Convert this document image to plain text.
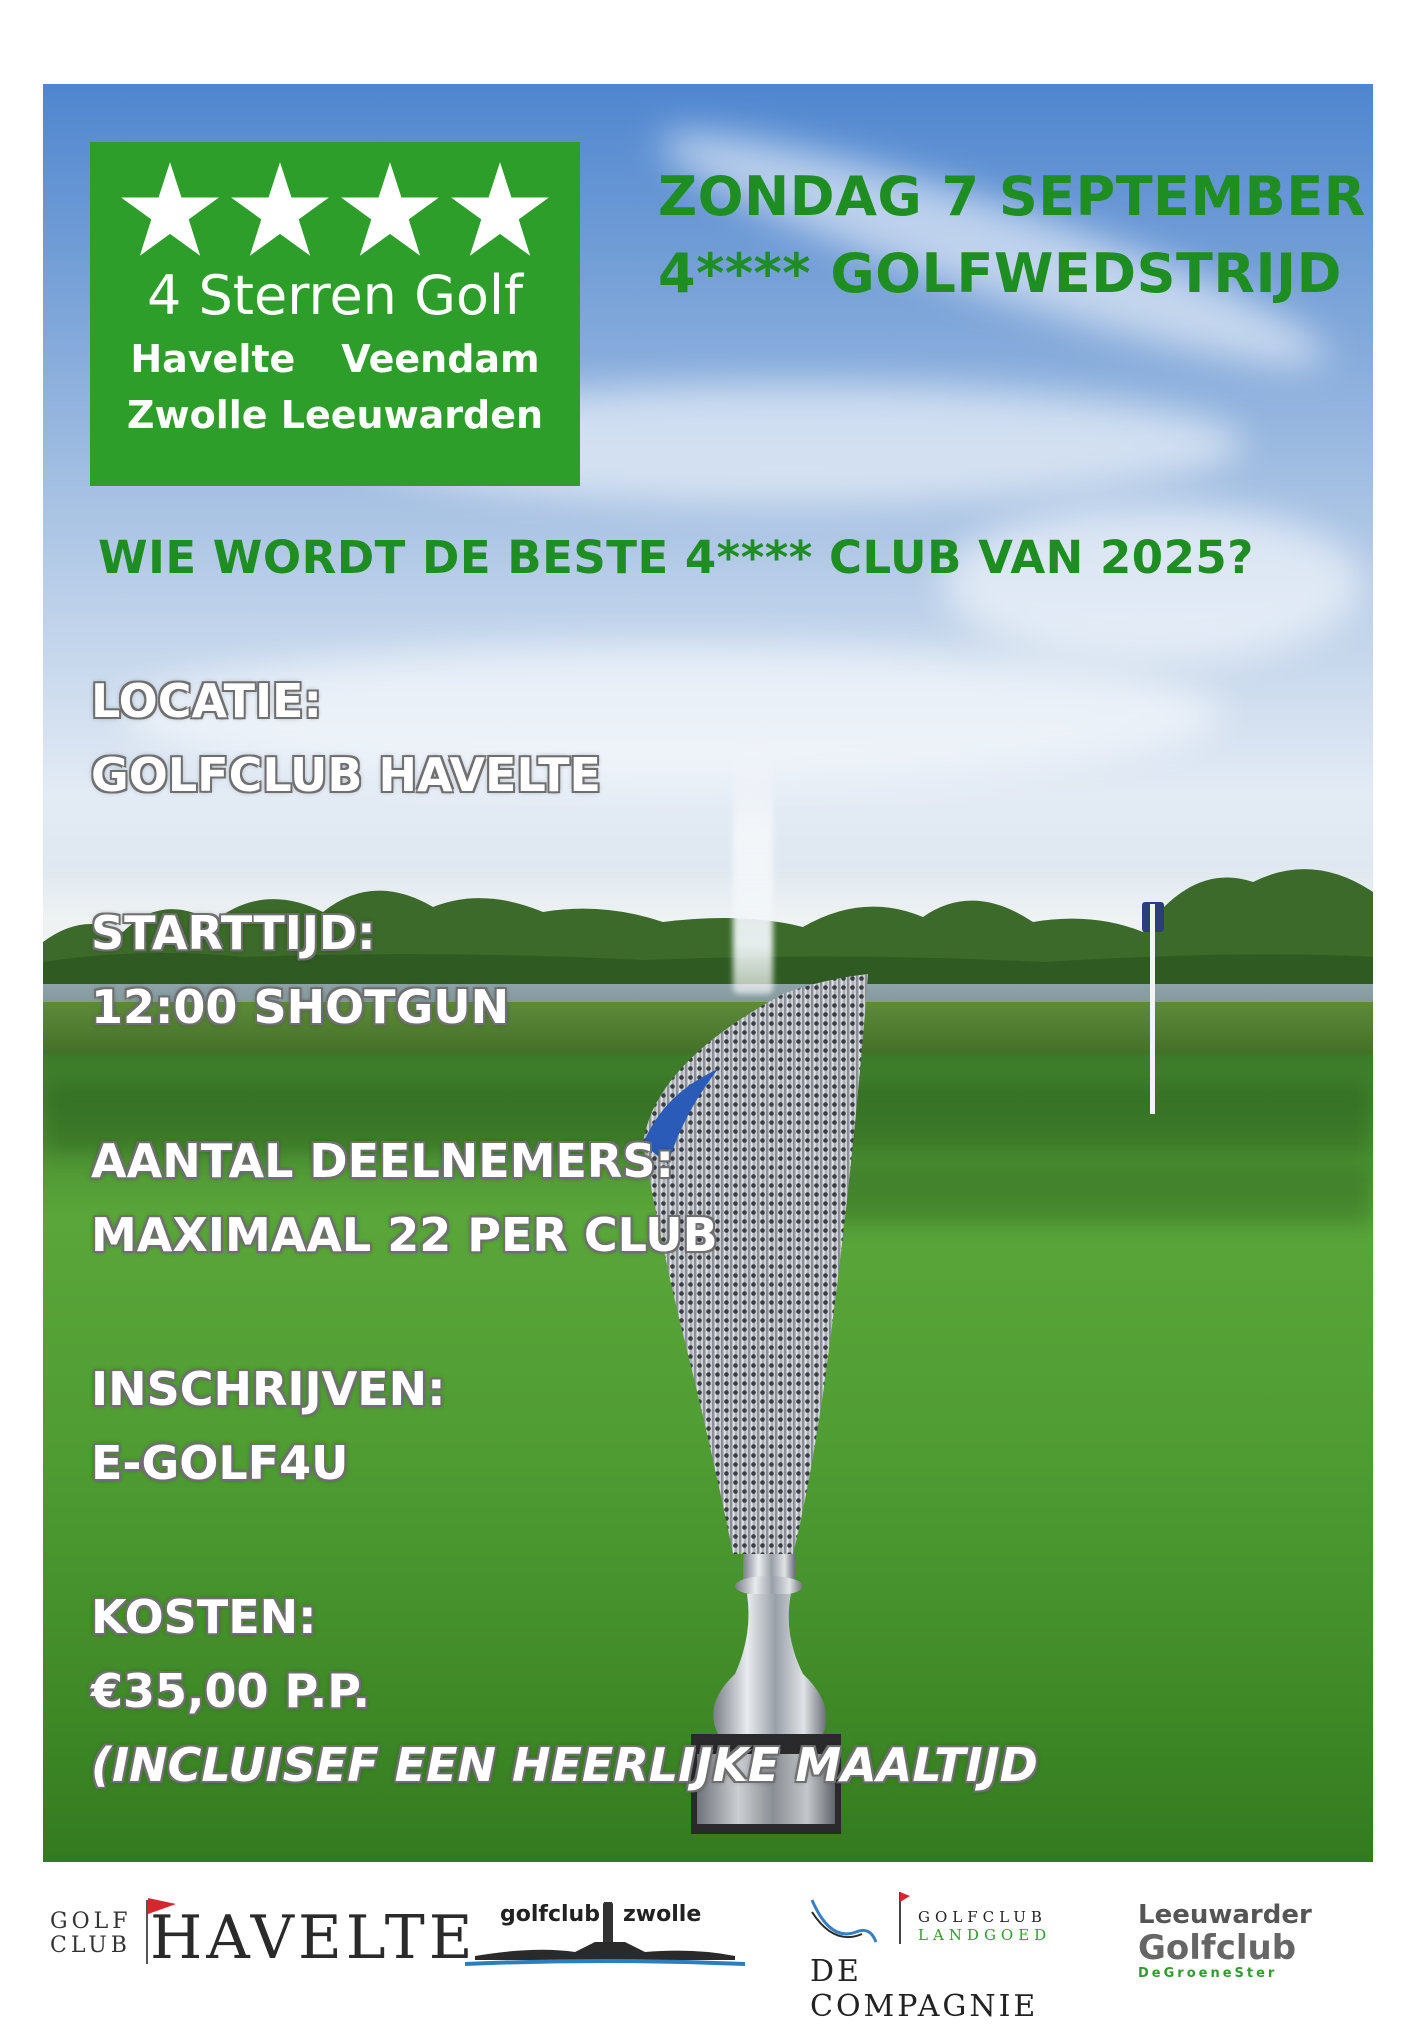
4 Sterren Golf
Havelte Veendam
Zwolle Leeuwarden
ZONDAG 7 SEPTEMBER
4**** GOLFWEDSTRIJD
WIE WORDT DE BESTE 4**** CLUB VAN 2025?
LOCATIE:
GOLFCLUB HAVELTE
STARTTIJD:
12:00 SHOTGUN
AANTAL DEELNEMERS:
MAXIMAAL 22 PER CLUB
INSCHRIJVEN:
E-GOLF4U
KOSTEN:
€35,00 P.P.
(INCLUISEF EEN HEERLIJKE MAALTIJD
GOLF
CLUB HAVELTE golfclub zwolle	GOLFCLUB
LANDGOED
DE COMPAGNIE
Leeuwarder
Golfclub
DeGroeneSter
